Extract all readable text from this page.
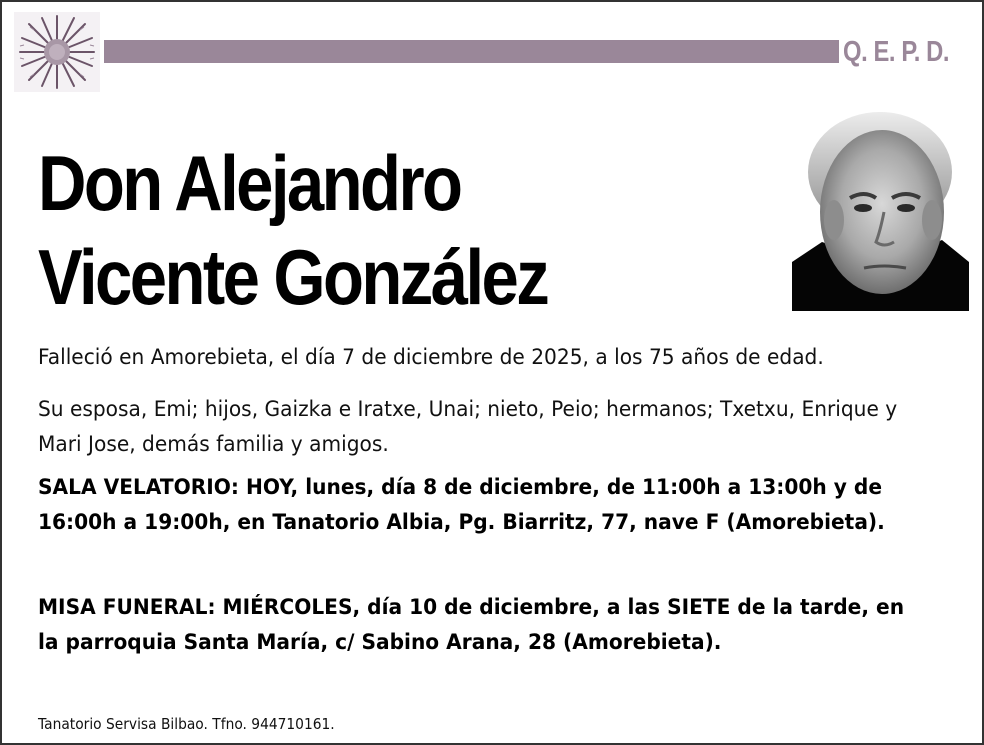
Q. E. P. D.
Don Alejandro
Vicente González
Falleció en Amorebieta, el día 7 de diciembre de 2025, a los 75 años de edad.
Su esposa, Emi; hijos, Gaizka e Iratxe, Unai; nieto, Peio; hermanos; Txetxu, Enrique y Mari Jose, demás familia y amigos.
SALA VELATORIO: HOY, lunes, día 8 de diciembre, de 11:00h a 13:00h y de 16:00h a 19:00h, en Tanatorio Albia, Pg. Biarritz, 77, nave F (Amorebieta).
MISA FUNERAL: MIÉRCOLES, día 10 de diciembre, a las SIETE de la tarde, en la parroquia Santa María, c/ Sabino Arana, 28 (Amorebieta).
Tanatorio Servisa Bilbao. Tfno. 944710161.
